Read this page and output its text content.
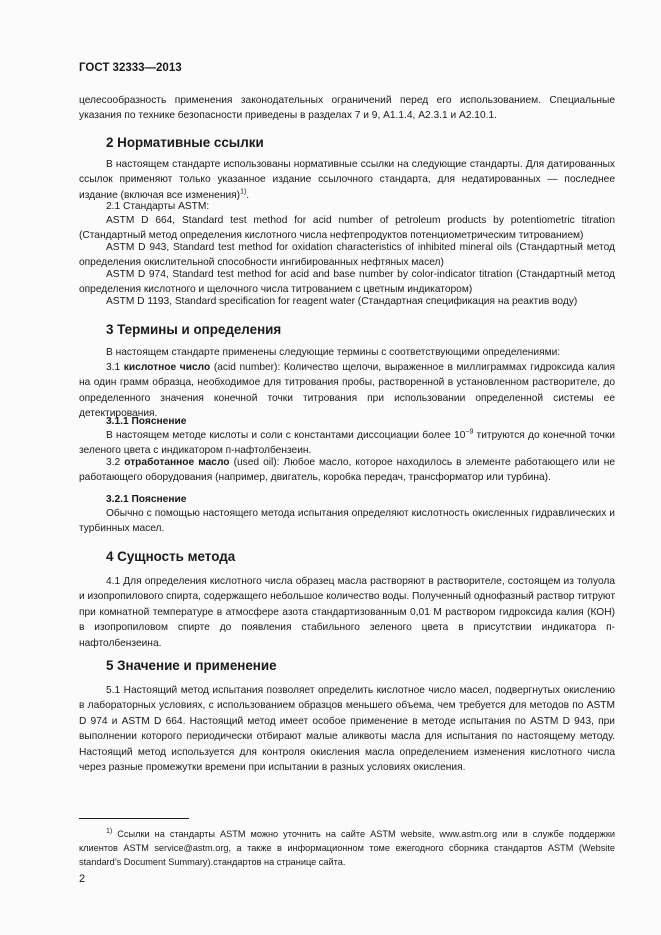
ГОСТ 32333—2013

целесообразность применения законодательных ограничений перед его использованием. Специальные указания по технике безопасности приведены в разделах 7 и 9, А1.1.4, А2.3.1 и А2.10.1.

2 Нормативные ссылки

В настоящем стандарте использованы нормативные ссылки на следующие стандарты. Для датированных ссылок применяют только указанное издание ссылочного стандарта, для недатированных — последнее издание (включая все изменения)$^{1)}$.

2.1 Стандарты ASTM:

ASTM D 664, Standard test method for acid number of petroleum products by potentiometric titration (Стандартный метод определения кислотного числа нефтепродуктов потенциометрическим титрованием)

ASTM D 943, Standard test method for oxidation characteristics of inhibited mineral oils (Стандартный метод определения окислительной способности ингибированных нефтяных масел)

ASTM D 974, Standard test method for acid and base number by color-indicator titration (Стандартный метод определения кислотного и щелочного числа титрованием с цветным индикатором)

ASTM D 1193, Standard specification for reagent water (Стандартная спецификация на реактив воду)

3 Термины и определения

В настоящем стандарте применены следующие термины с соответствующими определениями:

3.1 кислотное число (acid number): Количество щелочи, выраженное в миллиграммах гидроксида калия на один грамм образца, необходимое для титрования пробы, растворенной в установленном растворителе, до определенного значения конечной точки титрования при использовании определенной системы ее детектирования.

3.1.1 Пояснение

В настоящем методе кислоты и соли с константами диссоциации более $10^{-9}$ титруются до конечной точки зеленого цвета с индикатором п-нафтолбензеин.

3.2 отработанное масло (used oil): Любое масло, которое находилось в элементе работающего или не работающего оборудования (например, двигатель, коробка передач, трансформатор или турбина).

3.2.1 Пояснение

Обычно с помощью настоящего метода испытания определяют кислотность окисленных гидравлических и турбинных масел.

4 Сущность метода

4.1 Для определения кислотного числа образец масла растворяют в растворителе, состоящем из толуола и изопропилового спирта, содержащего небольшое количество воды. Полученный однофазный раствор титруют при комнатной температуре в атмосфере азота стандартизованным 0,01 М раствором гидроксида калия (КОН) в изопропиловом спирте до появления стабильного зеленого цвета в присутствии индикатора п-нафтолбензеина.

5 Значение и применение

5.1 Настоящий метод испытания позволяет определить кислотное число масел, подвергнутых окислению в лабораторных условиях, с использованием образцов меньшего объема, чем требуется для методов по ASTM D 974 и ASTM D 664. Настоящий метод имеет особое применение в методе испытания по ASTM D 943, при выполнении которого периодически отбирают малые аликвоты масла для испытания по настоящему методу. Настоящий метод используется для контроля окисления масла определением изменения кислотного числа через разные промежутки времени при испытании в разных условиях окисления.

$^{1)}$ Ссылки на стандарты ASTM можно уточнить на сайте ASTM website, www.astm.org или в службе поддержки клиентов ASTM service@astm.org, а также в информационном томе ежегодного сборника стандартов ASTM (Website standard’s Document Summary).стандартов на странице сайта.

2
